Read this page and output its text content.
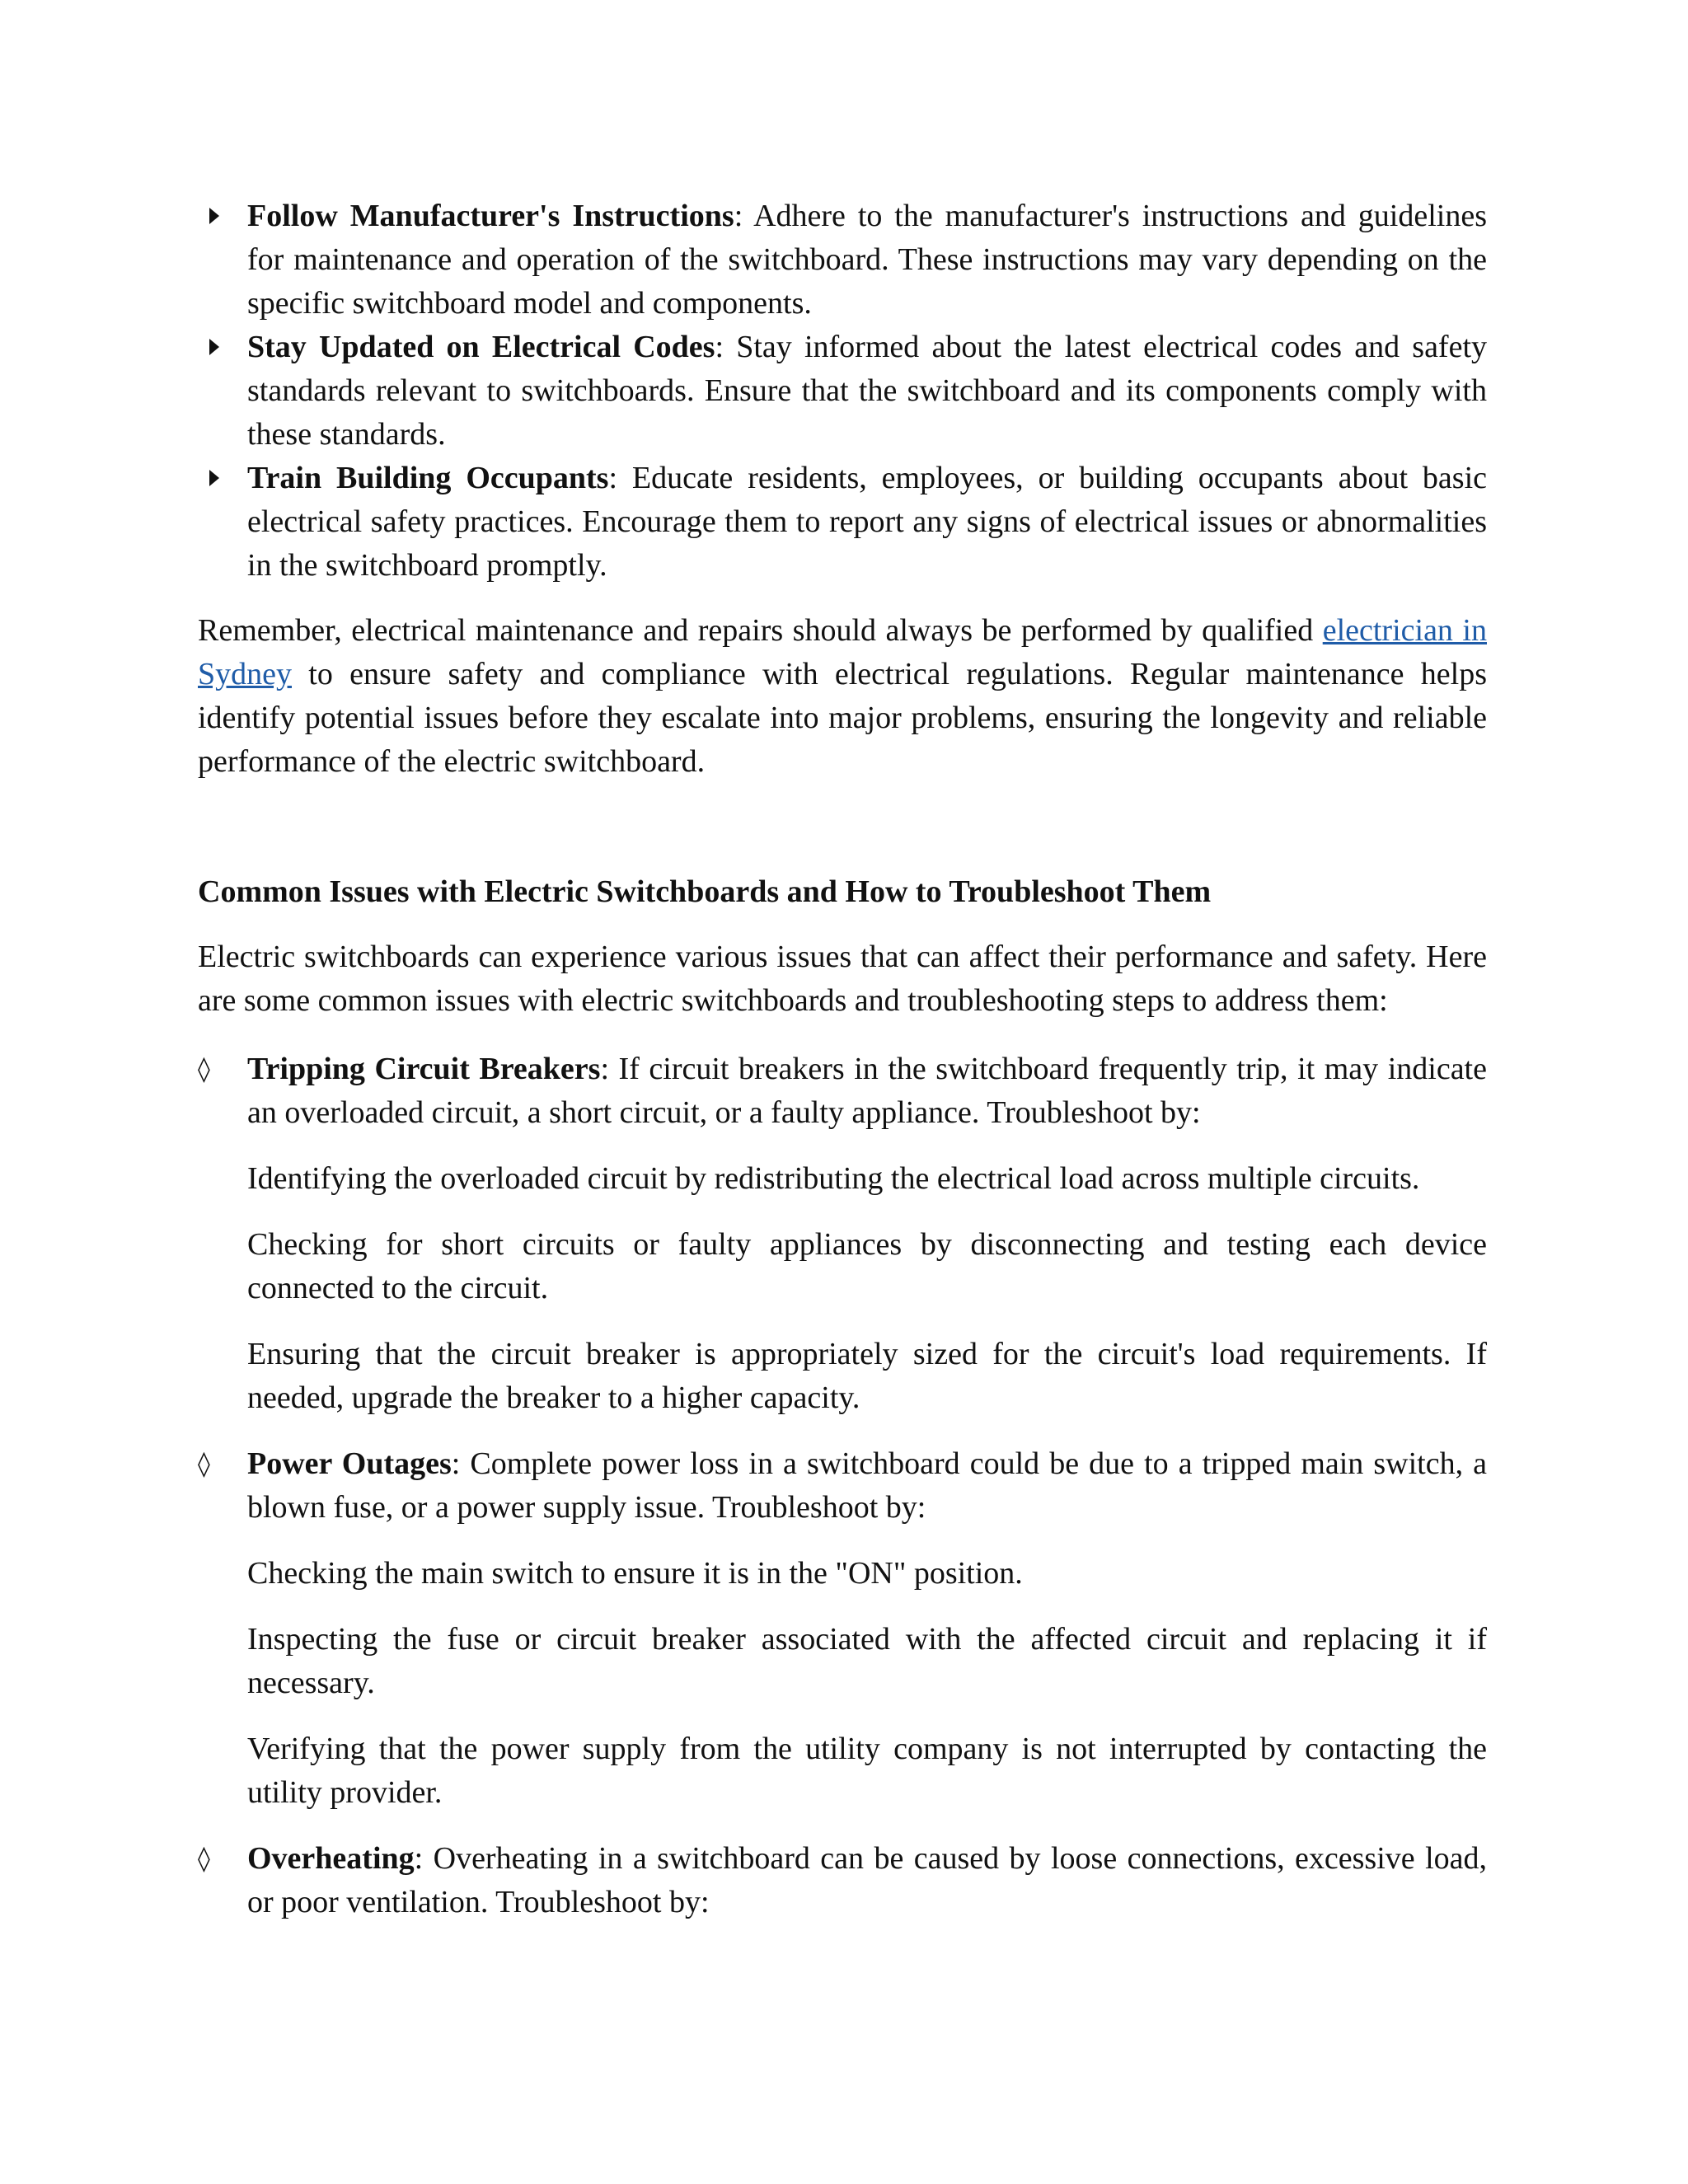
Follow Manufacturer's Instructions: Adhere to the manufacturer's instructions and guidelines for maintenance and operation of the switchboard. These instructions may vary depending on the specific switchboard model and components.
Stay Updated on Electrical Codes: Stay informed about the latest electrical codes and safety standards relevant to switchboards. Ensure that the switchboard and its components comply with these standards.
Train Building Occupants: Educate residents, employees, or building occupants about basic electrical safety practices. Encourage them to report any signs of electrical issues or abnormalities in the switchboard promptly.

Remember, electrical maintenance and repairs should always be performed by qualified electrician in Sydney to ensure safety and compliance with electrical regulations. Regular maintenance helps identify potential issues before they escalate into major problems, ensuring the longevity and reliable performance of the electric switchboard.

Common Issues with Electric Switchboards and How to Troubleshoot Them

Electric switchboards can experience various issues that can affect their performance and safety. Here are some common issues with electric switchboards and troubleshooting steps to address them:

◊ Tripping Circuit Breakers: If circuit breakers in the switchboard frequently trip, it may indicate an overloaded circuit, a short circuit, or a faulty appliance. Troubleshoot by:

Identifying the overloaded circuit by redistributing the electrical load across multiple circuits.

Checking for short circuits or faulty appliances by disconnecting and testing each device connected to the circuit.

Ensuring that the circuit breaker is appropriately sized for the circuit's load requirements. If needed, upgrade the breaker to a higher capacity.

◊ Power Outages: Complete power loss in a switchboard could be due to a tripped main switch, a blown fuse, or a power supply issue. Troubleshoot by:

Checking the main switch to ensure it is in the "ON" position.

Inspecting the fuse or circuit breaker associated with the affected circuit and replacing it if necessary.

Verifying that the power supply from the utility company is not interrupted by contacting the utility provider.

◊ Overheating: Overheating in a switchboard can be caused by loose connections, excessive load, or poor ventilation. Troubleshoot by:
